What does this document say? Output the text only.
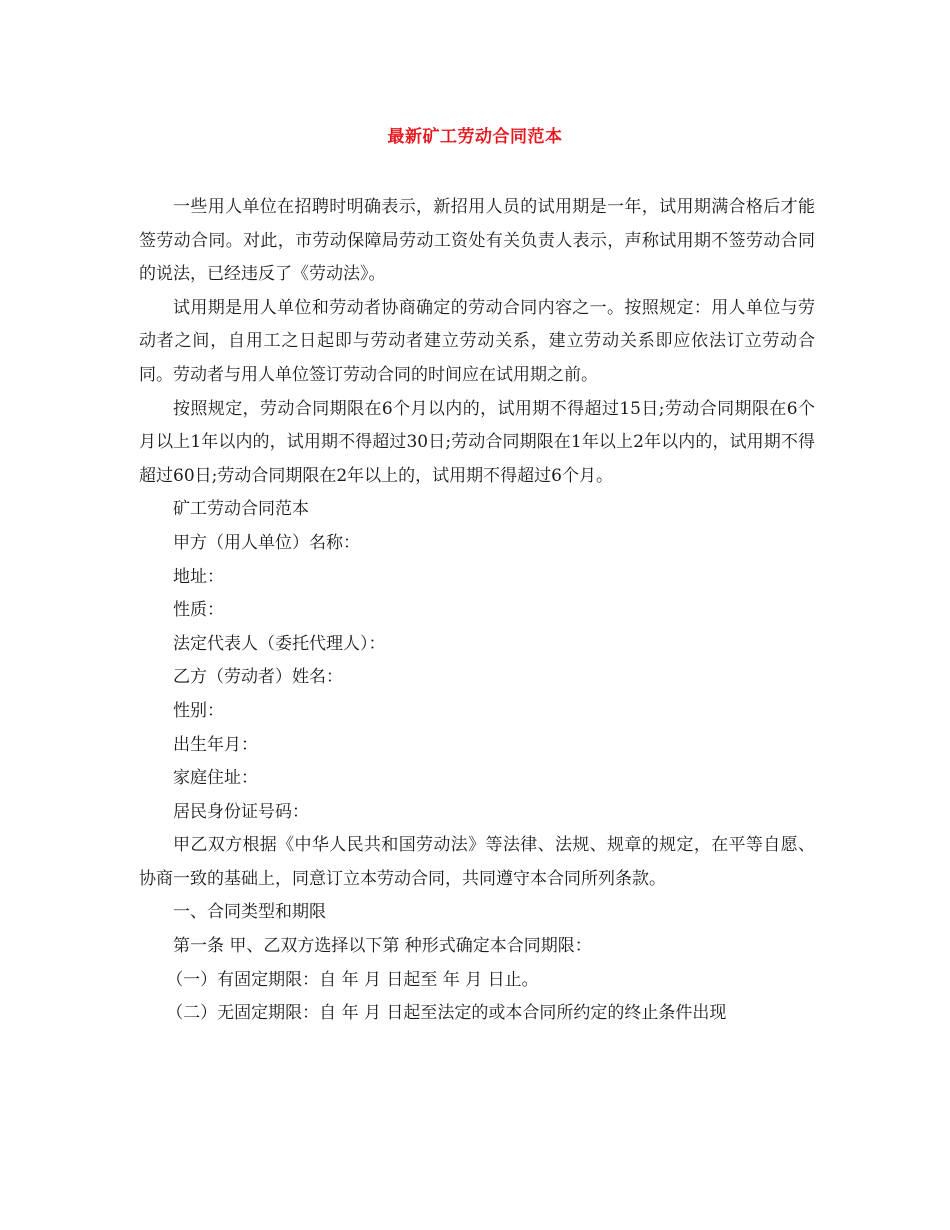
最新矿工劳动合同范本

一些用人单位在招聘时明确表示，新招用人员的试用期是一年，试用期满合格后才能签劳动合同。对此，市劳动保障局劳动工资处有关负责人表示，声称试用期不签劳动合同的说法，已经违反了《劳动法》。

试用期是用人单位和劳动者协商确定的劳动合同内容之一。按照规定：用人单位与劳动者之间，自用工之日起即与劳动者建立劳动关系，建立劳动关系即应依法订立劳动合同。劳动者与用人单位签订劳动合同的时间应在试用期之前。

按照规定，劳动合同期限在6个月以内的，试用期不得超过15日;劳动合同期限在6个月以上1年以内的，试用期不得超过30日;劳动合同期限在1年以上2年以内的，试用期不得超过60日;劳动合同期限在2年以上的，试用期不得超过6个月。

矿工劳动合同范本

甲方（用人单位）名称：

地址：

性质：

法定代表人（委托代理人）：

乙方（劳动者）姓名：

性别：

出生年月：

家庭住址：

居民身份证号码：

甲乙双方根据《中华人民共和国劳动法》等法律、法规、规章的规定，在平等自愿、协商一致的基础上，同意订立本劳动合同，共同遵守本合同所列条款。

一、合同类型和期限

第一条 甲、乙双方选择以下第 种形式确定本合同期限：

（一）有固定期限：自 年 月 日起至 年 月 日止。

（二）无固定期限：自 年 月 日起至法定的或本合同所约定的终止条件出现
